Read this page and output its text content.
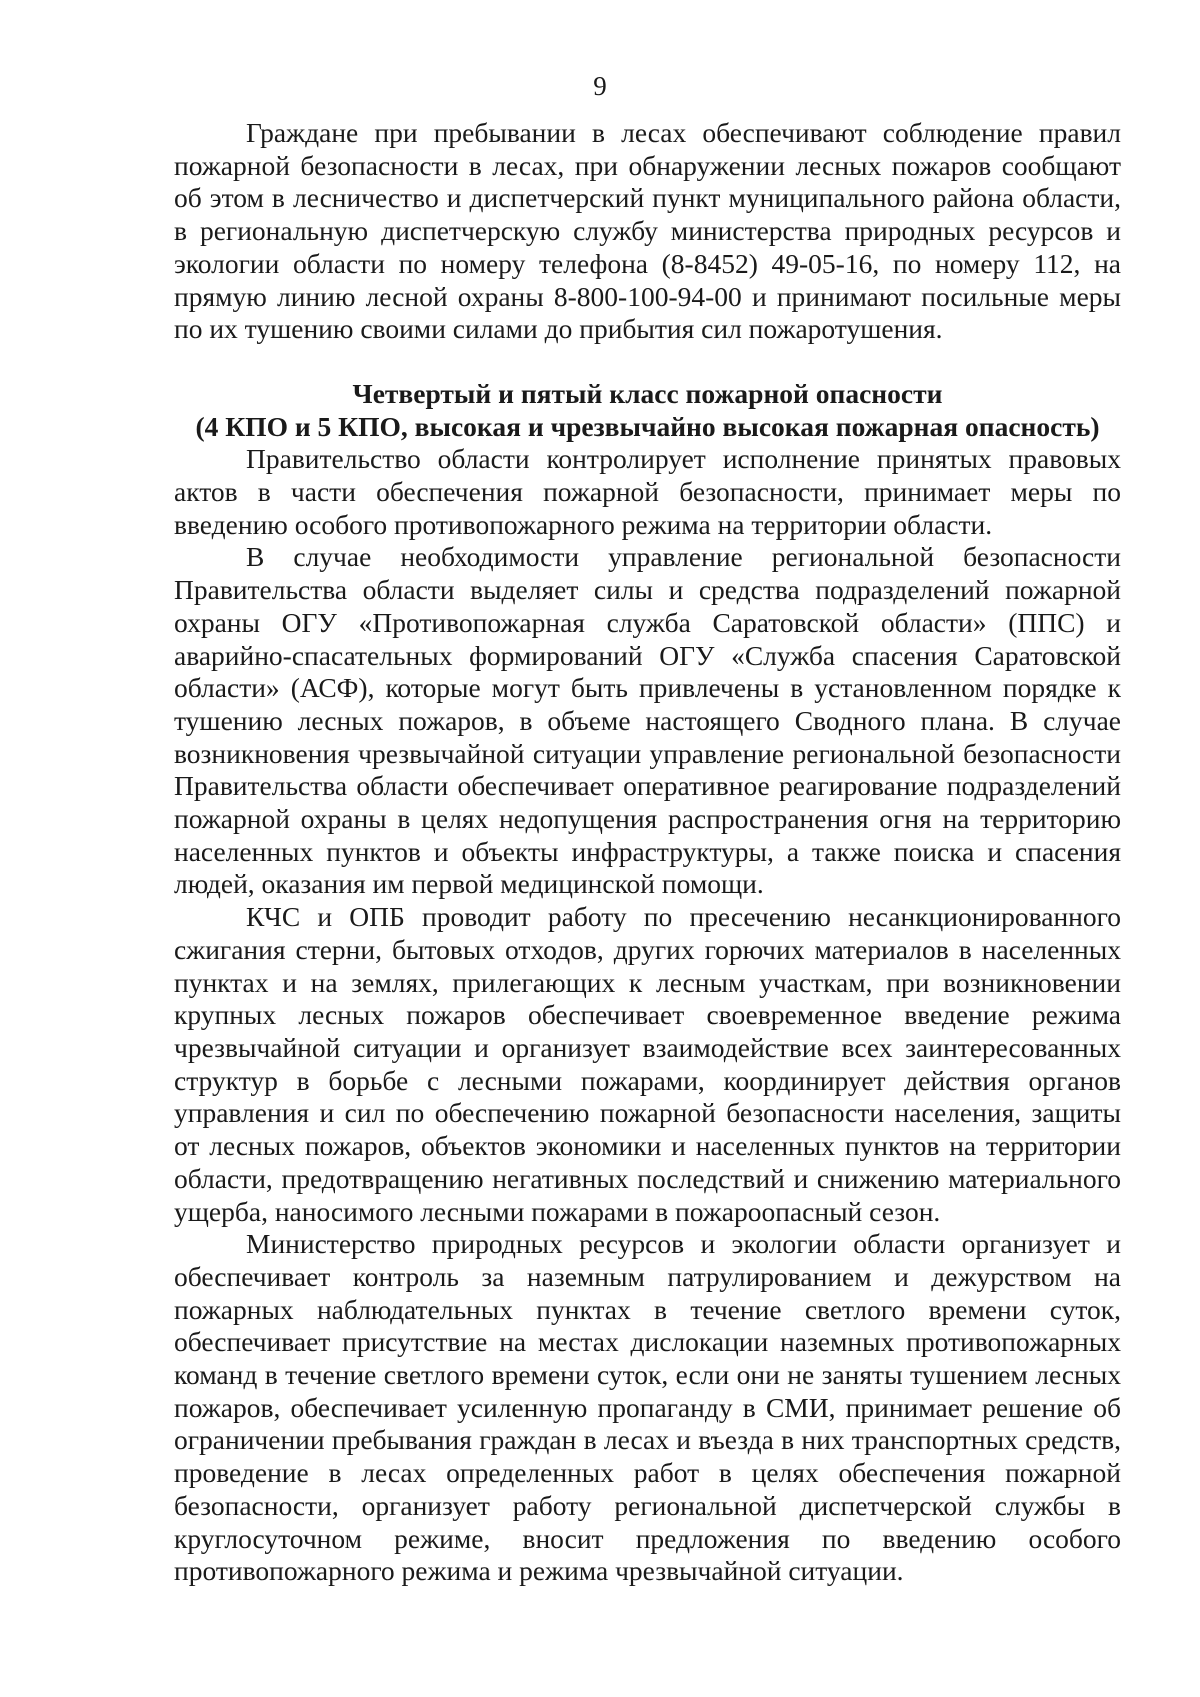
9

Граждане при пребывании в лесах обеспечивают соблюдение правил пожарной безопасности в лесах, при обнаружении лесных пожаров сообщают об этом в лесничество и диспетчерский пункт муниципального района области, в региональную диспетчерскую службу министерства природных ресурсов и экологии области по номеру телефона (8-8452) 49-05-16, по номеру 112, на прямую линию лесной охраны 8-800-100-94-00 и принимают посильные меры по их тушению своими силами до прибытия сил пожаротушения.

Четвертый и пятый класс пожарной опасности

(4 КПО и 5 КПО, высокая и чрезвычайно высокая пожарная опасность)

Правительство области контролирует исполнение принятых правовых актов в части обеспечения пожарной безопасности, принимает меры по введению особого противопожарного режима на территории области.

В случае необходимости управление региональной безопасности Правительства области выделяет силы и средства подразделений пожарной охраны ОГУ «Противопожарная служба Саратовской области» (ППС) и аварийно-спасательных формирований ОГУ «Служба спасения Саратовской области» (АСФ), которые могут быть привлечены в установленном порядке к тушению лесных пожаров, в объеме настоящего Сводного плана. В случае возникновения чрезвычайной ситуации управление региональной безопасности Правительства области обеспечивает оперативное реагирование подразделений пожарной охраны в целях недопущения распространения огня на территорию населенных пунктов и объекты инфраструктуры, а также поиска и спасения людей, оказания им первой медицинской помощи.

КЧС и ОПБ проводит работу по пресечению несанкционированного сжигания стерни, бытовых отходов, других горючих материалов в населенных пунктах и на землях, прилегающих к лесным участкам, при возникновении крупных лесных пожаров обеспечивает своевременное введение режима чрезвычайной ситуации и организует взаимодействие всех заинтересованных структур в борьбе с лесными пожарами, координирует действия органов управления и сил по обеспечению пожарной безопасности населения, защиты от лесных пожаров, объектов экономики и населенных пунктов на территории области, предотвращению негативных последствий и снижению материального ущерба, наносимого лесными пожарами в пожароопасный сезон.

Министерство природных ресурсов и экологии области организует и обеспечивает контроль за наземным патрулированием и дежурством на пожарных наблюдательных пунктах в течение светлого времени суток, обеспечивает присутствие на местах дислокации наземных противопожарных команд в течение светлого времени суток, если они не заняты тушением лесных пожаров, обеспечивает усиленную пропаганду в СМИ, принимает решение об ограничении пребывания граждан в лесах и въезда в них транспортных средств, проведение в лесах определенных работ в целях обеспечения пожарной безопасности, организует работу региональной диспетчерской службы в круглосуточном режиме, вносит предложения по введению особого противопожарного режима и режима чрезвычайной ситуации.
